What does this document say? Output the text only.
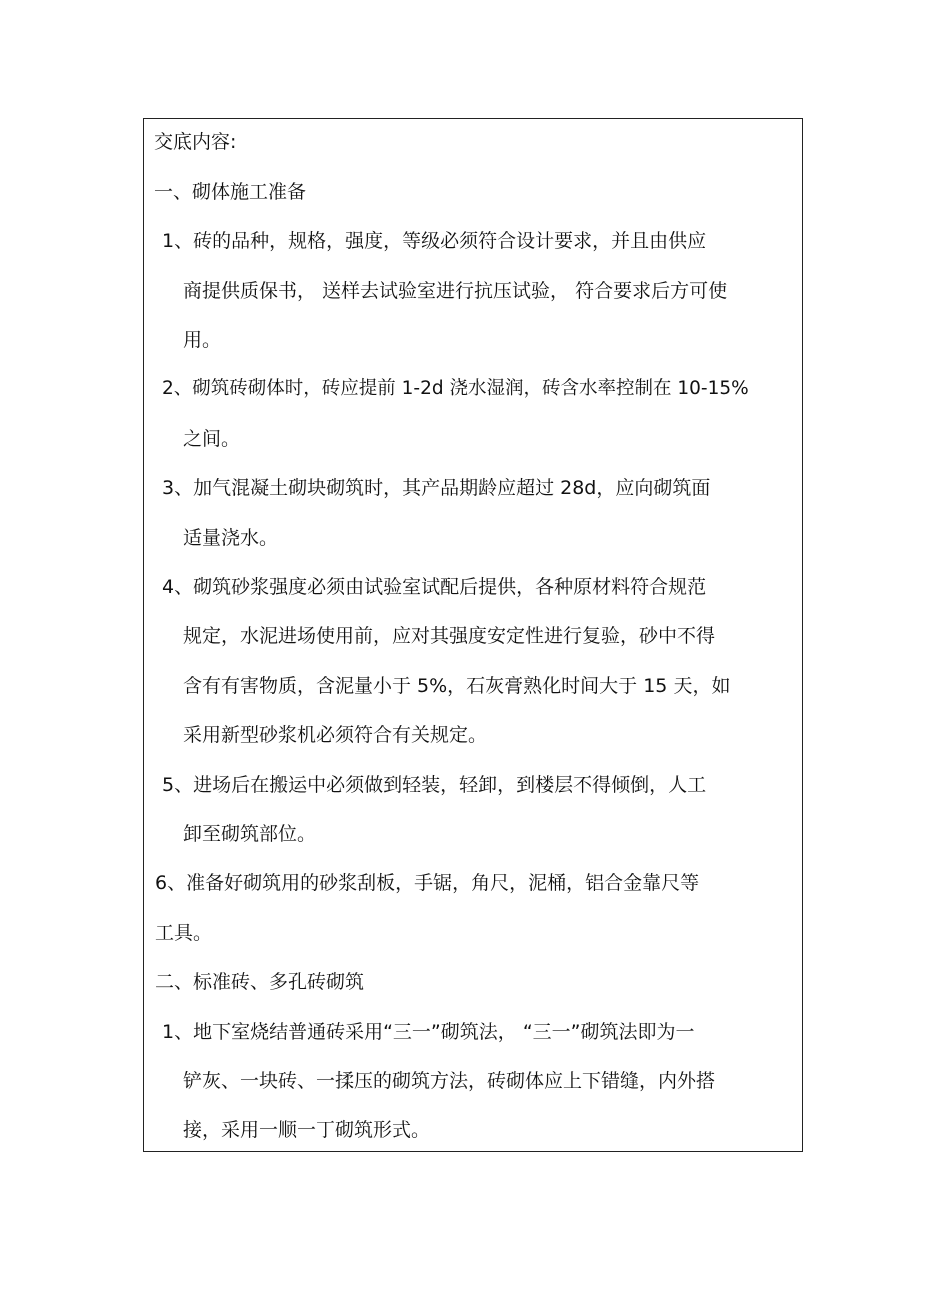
交底内容:
一、砌体施工准备
1、砖的品种，规格，强度，等级必须符合设计要求，并且由供应
商提供质保书， 送样去试验室进行抗压试验， 符合要求后方可使
用。
2、砌筑砖砌体时，砖应提前 1-2d 浇水湿润，砖含水率控制在 10-15%
之间。
3、加气混凝土砌块砌筑时，其产品期龄应超过 28d，应向砌筑面
适量浇水。
4、砌筑砂浆强度必须由试验室试配后提供，各种原材料符合规范
规定，水泥进场使用前，应对其强度安定性进行复验，砂中不得
含有有害物质，含泥量小于 5%，石灰膏熟化时间大于 15 天，如
采用新型砂浆机必须符合有关规定。
5、进场后在搬运中必须做到轻装，轻卸，到楼层不得倾倒，人工
卸至砌筑部位。
6、准备好砌筑用的砂浆刮板，手锯，角尺，泥桶，铝合金靠尺等
工具。
二、标准砖、多孔砖砌筑
1、地下室烧结普通砖采用“三一”砌筑法， “三一”砌筑法即为一
铲灰、一块砖、一揉压的砌筑方法，砖砌体应上下错缝，内外搭
接，采用一顺一丁砌筑形式。
